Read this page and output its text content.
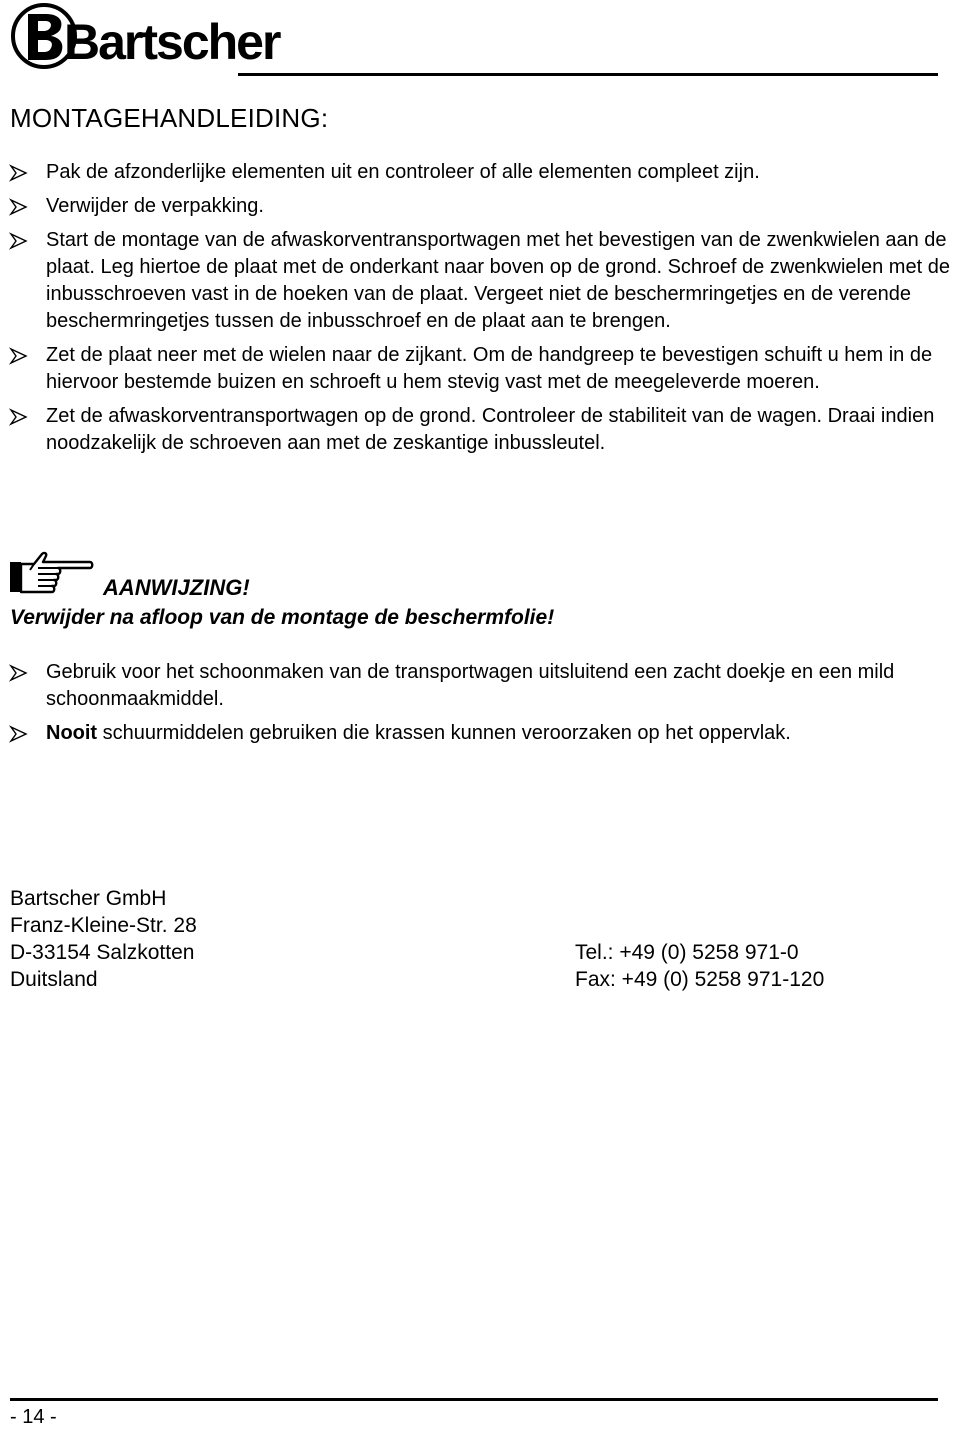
Bartscher
MONTAGEHANDLEIDING:
Pak de afzonderlijke elementen uit en controleer of alle elementen compleet zijn.
Verwijder de verpakking.
Start de montage van de afwaskorventransportwagen met het bevestigen van de zwenkwielen aan de plaat. Leg hiertoe de plaat met de onderkant naar boven op de grond. Schroef de zwenkwielen met de inbusschroeven vast in de hoeken van de plaat. Vergeet niet de beschermringetjes en de verende beschermringetjes tussen de inbusschroef en de plaat aan te brengen.
Zet de plaat neer met de wielen naar de zijkant. Om de handgreep te bevestigen schuift u hem in de hiervoor bestemde buizen en schroeft u hem stevig vast met de meegeleverde moeren.
Zet de afwaskorventransportwagen op de grond. Controleer de stabiliteit van de wagen. Draai indien noodzakelijk de schroeven aan met de zeskantige inbussleutel.
AANWIJZING!
Verwijder na afloop van de montage de beschermfolie!
Gebruik voor het schoonmaken van de transportwagen uitsluitend een zacht doekje en een mild schoonmaakmiddel.
Nooit schuurmiddelen gebruiken die krassen kunnen veroorzaken op het oppervlak.
Bartscher GmbH
Franz-Kleine-Str. 28
D-33154 Salzkotten
Duitsland
Tel.: +49 (0) 5258 971-0
Fax: +49 (0) 5258 971-120
- 14 -
